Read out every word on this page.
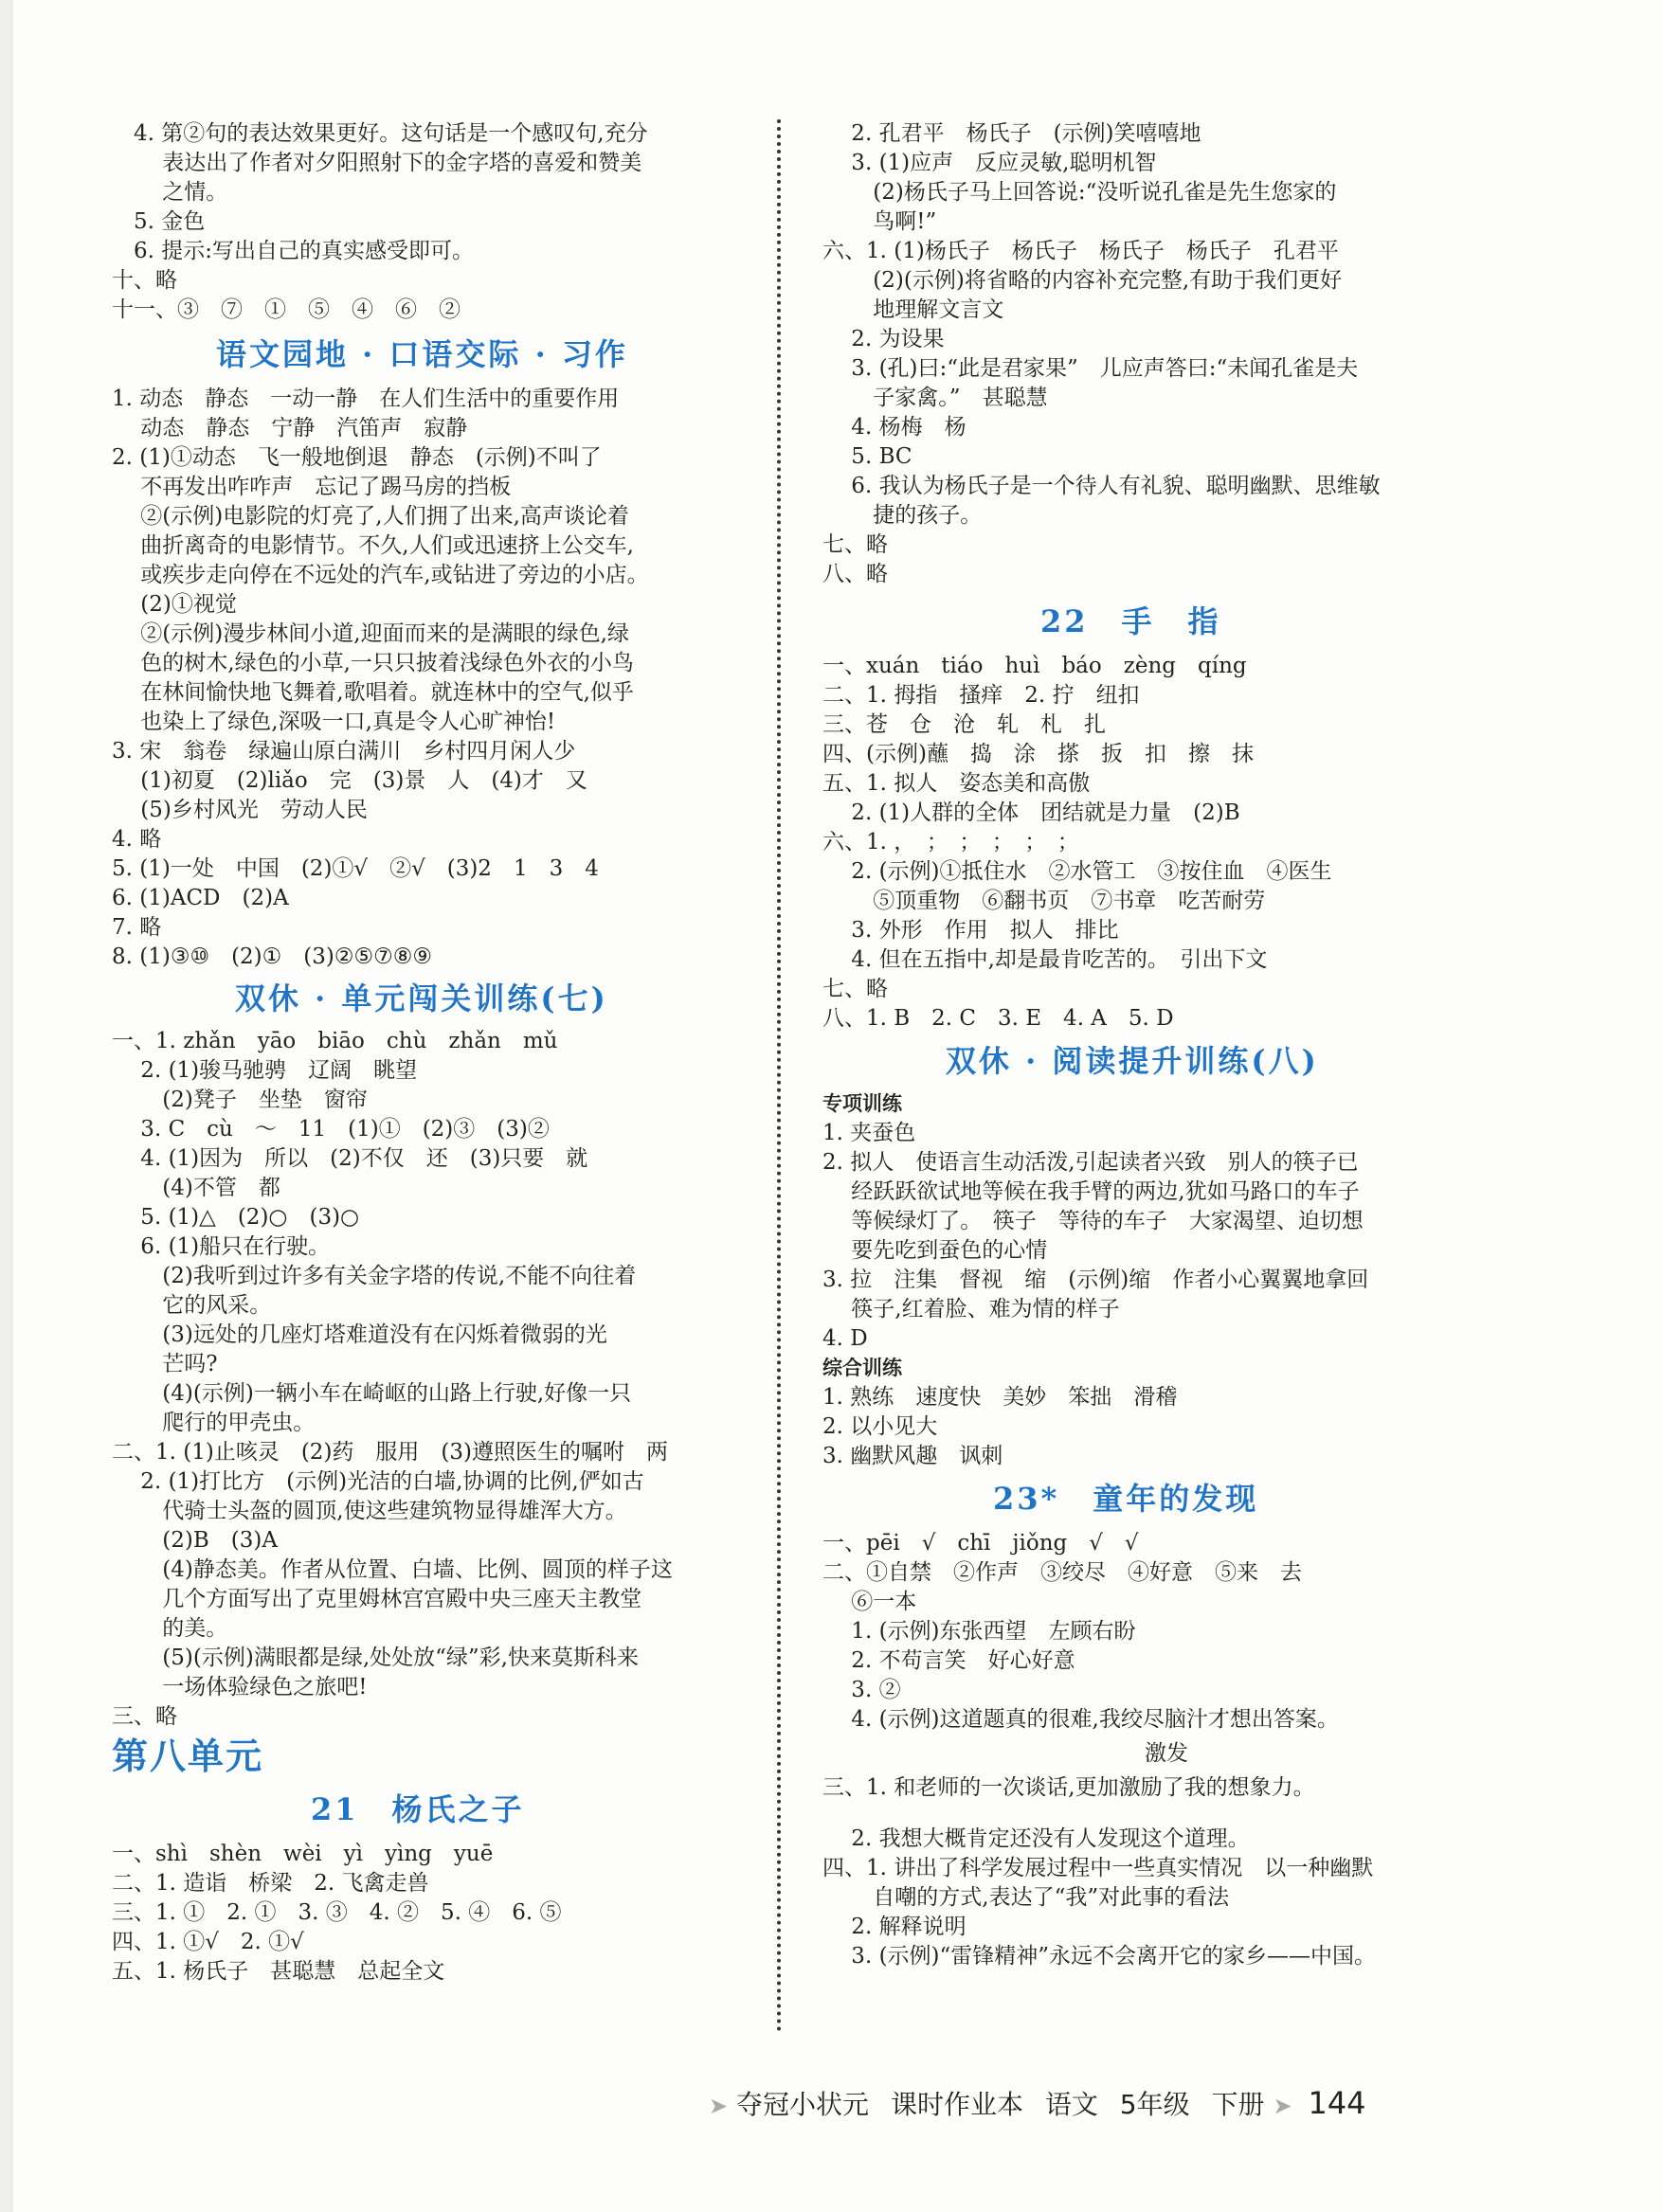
　4. 第②句的表达效果更好。这句话是一个感叹句,充分
　　 表达出了作者对夕阳照射下的金字塔的喜爱和赞美
　　 之情。
　5. 金色
　6. 提示:写出自己的真实感受即可。
十、略
十一、③　⑦　①　⑤　④　⑥　②
语文园地 · 口语交际 · 习作
1. 动态　静态　一动一静　在人们生活中的重要作用
　 动态　静态　宁静　汽笛声　寂静
2. (1)①动态　飞一般地倒退　静态　(示例)不叫了
　 不再发出咋咋声　忘记了踢马房的挡板
　 ②(示例)电影院的灯亮了,人们拥了出来,高声谈论着
　 曲折离奇的电影情节。不久,人们或迅速挤上公交车,
　 或疾步走向停在不远处的汽车,或钻进了旁边的小店。
　 (2)①视觉
　 ②(示例)漫步林间小道,迎面而来的是满眼的绿色,绿
　 色的树木,绿色的小草,一只只披着浅绿色外衣的小鸟
　 在林间愉快地飞舞着,歌唱着。就连林中的空气,似乎
　 也染上了绿色,深吸一口,真是令人心旷神怡!
3. 宋　翁卷　绿遍山原白满川　乡村四月闲人少
　 (1)初夏　(2)liǎo　完　(3)景　人　(4)才　又
　 (5)乡村风光　劳动人民
4. 略
5. (1)一处　中国　(2)①√　②√　(3)2　1　3　4
6. (1)ACD　(2)A
7. 略
8. (1)③⑩　(2)①　(3)②⑤⑦⑧⑨
双休 · 单元闯关训练(七)
一、1. zhǎn　yāo　biāo　chù　zhǎn　mǔ
　 2. (1)骏马驰骋　辽阔　眺望
　　 (2)凳子　坐垫　窗帘
　 3. C　cù　～　11　(1)①　(2)③　(3)②
　 4. (1)因为　所以　(2)不仅　还　(3)只要　就
　　 (4)不管　都
　 5. (1)△　(2)○　(3)○
　 6. (1)船只在行驶。
　　 (2)我听到过许多有关金字塔的传说,不能不向往着
　　 它的风采。
　　 (3)远处的几座灯塔难道没有在闪烁着微弱的光
　　 芒吗?
　　 (4)(示例)一辆小车在崎岖的山路上行驶,好像一只
　　 爬行的甲壳虫。
二、1. (1)止咳灵　(2)药　服用　(3)遵照医生的嘱咐　两
　 2. (1)打比方　(示例)光洁的白墙,协调的比例,俨如古
　　 代骑士头盔的圆顶,使这些建筑物显得雄浑大方。
　　 (2)B　(3)A
　　 (4)静态美。作者从位置、白墙、比例、圆顶的样子这
　　 几个方面写出了克里姆林宫宫殿中央三座天主教堂
　　 的美。
　　 (5)(示例)满眼都是绿,处处放“绿”彩,快来莫斯科来
　　 一场体验绿色之旅吧!
三、略
第八单元
21　杨氏之子
一、shì　shèn　wèi　yì　yìng　yuē
二、1. 造诣　桥梁　2. 飞禽走兽
三、1. ①　2. ①　3. ③　4. ②　5. ④　6. ⑤
四、1. ①√　2. ①√
五、1. 杨氏子　甚聪慧　总起全文
　 2. 孔君平　杨氏子　(示例)笑嘻嘻地
　 3. (1)应声　反应灵敏,聪明机智
　　 (2)杨氏子马上回答说:“没听说孔雀是先生您家的
　　 鸟啊!”
六、1. (1)杨氏子　杨氏子　杨氏子　杨氏子　孔君平
　　 (2)(示例)将省略的内容补充完整,有助于我们更好
　　 地理解文言文
　 2. 为设果
　 3. (孔)曰:“此是君家果”　儿应声答曰:“未闻孔雀是夫
　　 子家禽。”　甚聪慧
　 4. 杨梅　杨
　 5. BC
　 6. 我认为杨氏子是一个待人有礼貌、聪明幽默、思维敏
　　 捷的孩子。
七、略
八、略
22　手　指
一、xuán　tiáo　huì　báo　zèng　qíng
二、1. 拇指　搔痒　2. 拧　纽扣
三、苍　仓　沧　轧　札　扎
四、(示例)蘸　捣　涂　搽　扳　扣　擦　抹
五、1. 拟人　姿态美和高傲
　 2. (1)人群的全体　团结就是力量　(2)B
六、1. ，　；　；　；　；　；
　 2. (示例)①抵住水　②水管工　③按住血　④医生
　　 ⑤顶重物　⑥翻书页　⑦书章　吃苦耐劳
　 3. 外形　作用　拟人　排比
　 4. 但在五指中,却是最肯吃苦的。　引出下文
七、略
八、1. B　2. C　3. E　4. A　5. D
双休 · 阅读提升训练(八)
专项训练
1. 夹蚕色
2. 拟人　使语言生动活泼,引起读者兴致　别人的筷子已
　 经跃跃欲试地等候在我手臂的两边,犹如马路口的车子
　 等候绿灯了。　筷子　等待的车子　大家渴望、迫切想
　 要先吃到蚕色的心情
3. 拉　注集　督视　缩　(示例)缩　作者小心翼翼地拿回
　 筷子,红着脸、难为情的样子
4. D
综合训练
1. 熟练　速度快　美妙　笨拙　滑稽
2. 以小见大
3. 幽默风趣　讽刺
23*　童年的发现
一、pēi　√　chī　jiǒng　√　√
二、①自禁　②作声　③绞尽　④好意　⑤来　去
　 ⑥一本
　 1. (示例)东张西望　左顾右盼
　 2. 不苟言笑　好心好意
　 3. ②
　 4. (示例)这道题真的很难,我绞尽脑汁才想出答案。
激发
三、1. 和老师的一次谈话,更加激励了我的想象力。
　 2. 我想大概肯定还没有人发现这个道理。
四、1. 讲出了科学发展过程中一些真实情况　以一种幽默
　　 自嘲的方式,表达了“我”对此事的看法
　 2. 解释说明
　 3. (示例)“雷锋精神”永远不会离开它的家乡——中国。
➤ 夺冠小状元 课时作业本 语文 5年级 下册 ➤ 144
